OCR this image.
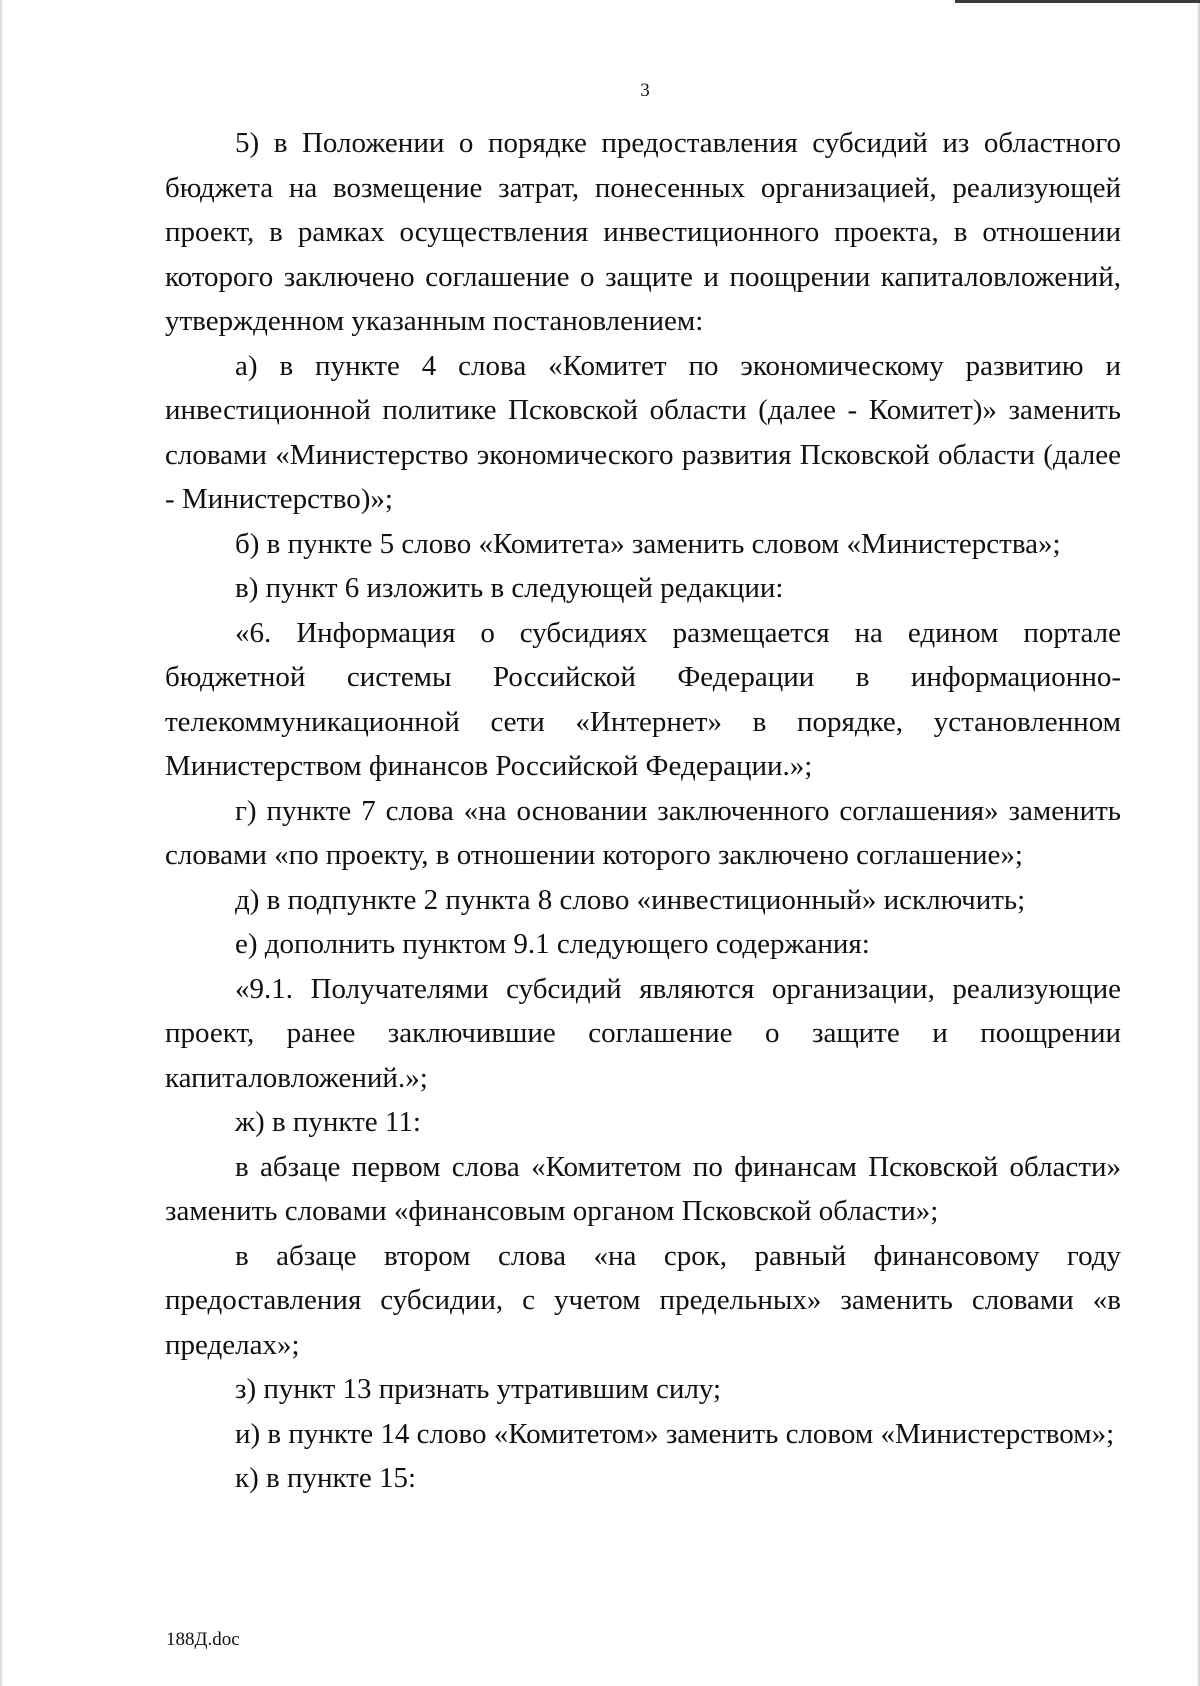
3

5) в Положении о порядке предоставления субсидий из областного бюджета на возмещение затрат, понесенных организацией, реализующей проект, в рамках осуществления инвестиционного проекта, в отношении которого заключено соглашение о защите и поощрении капиталовложений, утвержденном указанным постановлением:

а) в пункте 4 слова «Комитет по экономическому развитию и инвестиционной политике Псковской области (далее - Комитет)» заменить словами «Министерство экономического развития Псковской области (далее - Министерство)»;

б) в пункте 5 слово «Комитета» заменить словом «Министерства»;

в) пункт 6 изложить в следующей редакции:

«6. Информация о субсидиях размещается на едином портале бюджетной системы Российской Федерации в информационно-телекоммуникационной сети «Интернет» в порядке, установленном Министерством финансов Российской Федерации.»;

г) пункте 7 слова «на основании заключенного соглашения» заменить словами «по проекту, в отношении которого заключено соглашение»;

д) в подпункте 2 пункта 8 слово «инвестиционный» исключить;

е) дополнить пунктом 9.1 следующего содержания:

«9.1. Получателями субсидий являются организации, реализующие проект, ранее заключившие соглашение о защите и поощрении капиталовложений.»;

ж) в пункте 11:

в абзаце первом слова «Комитетом по финансам Псковской области» заменить словами «финансовым органом Псковской области»;

в абзаце втором слова «на срок, равный финансовому году предоставления субсидии, с учетом предельных» заменить словами «в пределах»;

з) пункт 13 признать утратившим силу;

и) в пункте 14 слово «Комитетом» заменить словом «Министерством»;

к) в пункте 15:

188Д.doc
